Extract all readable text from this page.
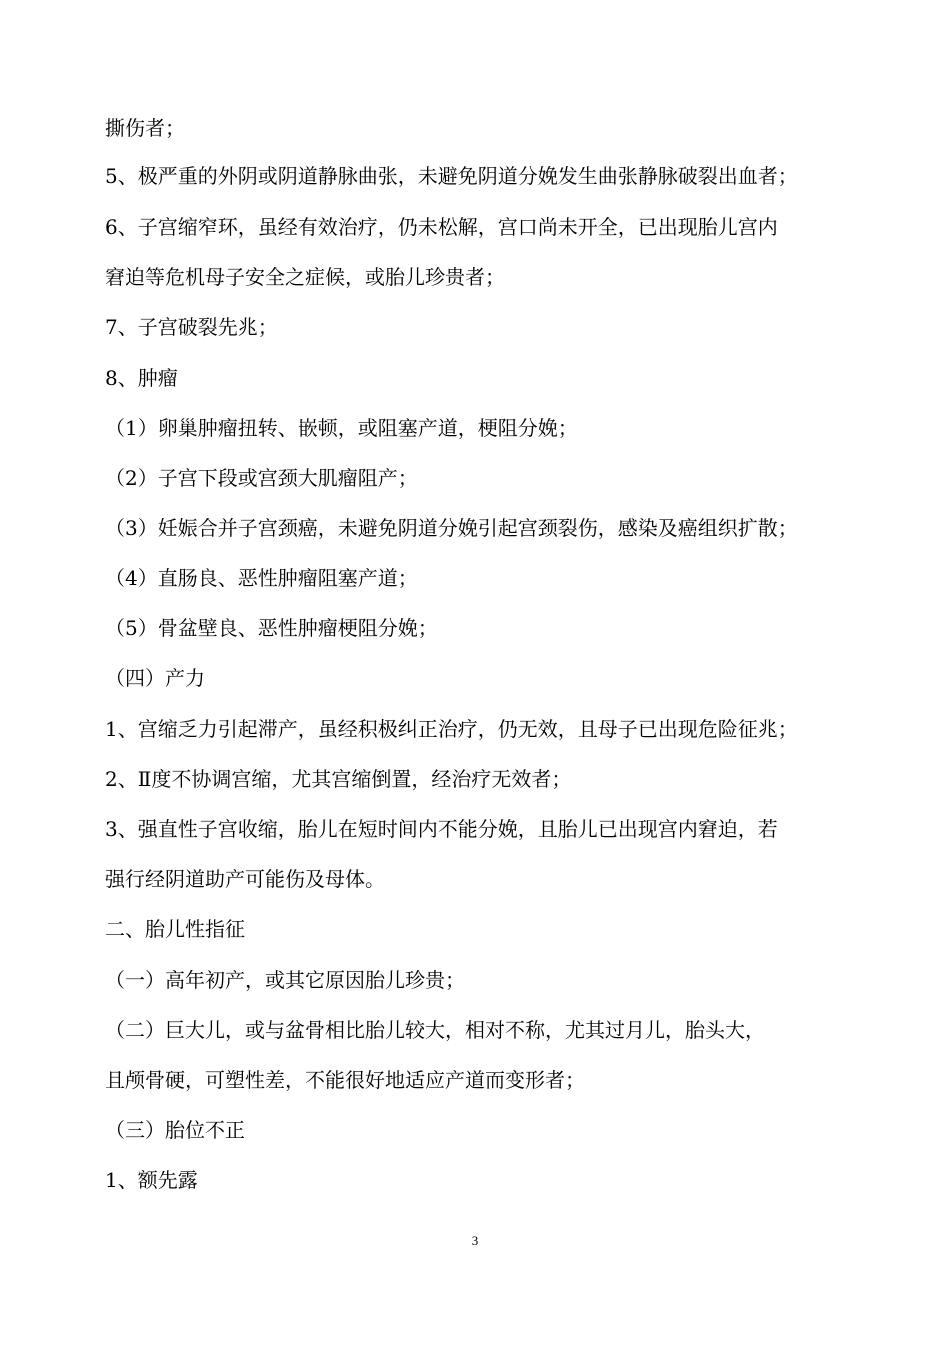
撕伤者；
5、极严重的外阴或阴道静脉曲张，未避免阴道分娩发生曲张静脉破裂出血者；
6、子宫缩窄环，虽经有效治疗，仍未松解，宫口尚未开全，已出现胎儿宫内
窘迫等危机母子安全之症候，或胎儿珍贵者；
7、子宫破裂先兆；
8、肿瘤
（1）卵巢肿瘤扭转、嵌顿，或阻塞产道，梗阻分娩；
（2）子宫下段或宫颈大肌瘤阻产；
（3）妊娠合并子宫颈癌，未避免阴道分娩引起宫颈裂伤，感染及癌组织扩散；
（4）直肠良、恶性肿瘤阻塞产道；
（5）骨盆壁良、恶性肿瘤梗阻分娩；
（四）产力
1、宫缩乏力引起滞产，虽经积极纠正治疗，仍无效，且母子已出现危险征兆；
2、Ⅱ度不协调宫缩，尤其宫缩倒置，经治疗无效者；
3、强直性子宫收缩，胎儿在短时间内不能分娩，且胎儿已出现宫内窘迫，若
强行经阴道助产可能伤及母体。
二、胎儿性指征
（一）高年初产，或其它原因胎儿珍贵；
（二）巨大儿，或与盆骨相比胎儿较大，相对不称，尤其过月儿，胎头大，
且颅骨硬，可塑性差，不能很好地适应产道而变形者；
（三）胎位不正
1、额先露
3
